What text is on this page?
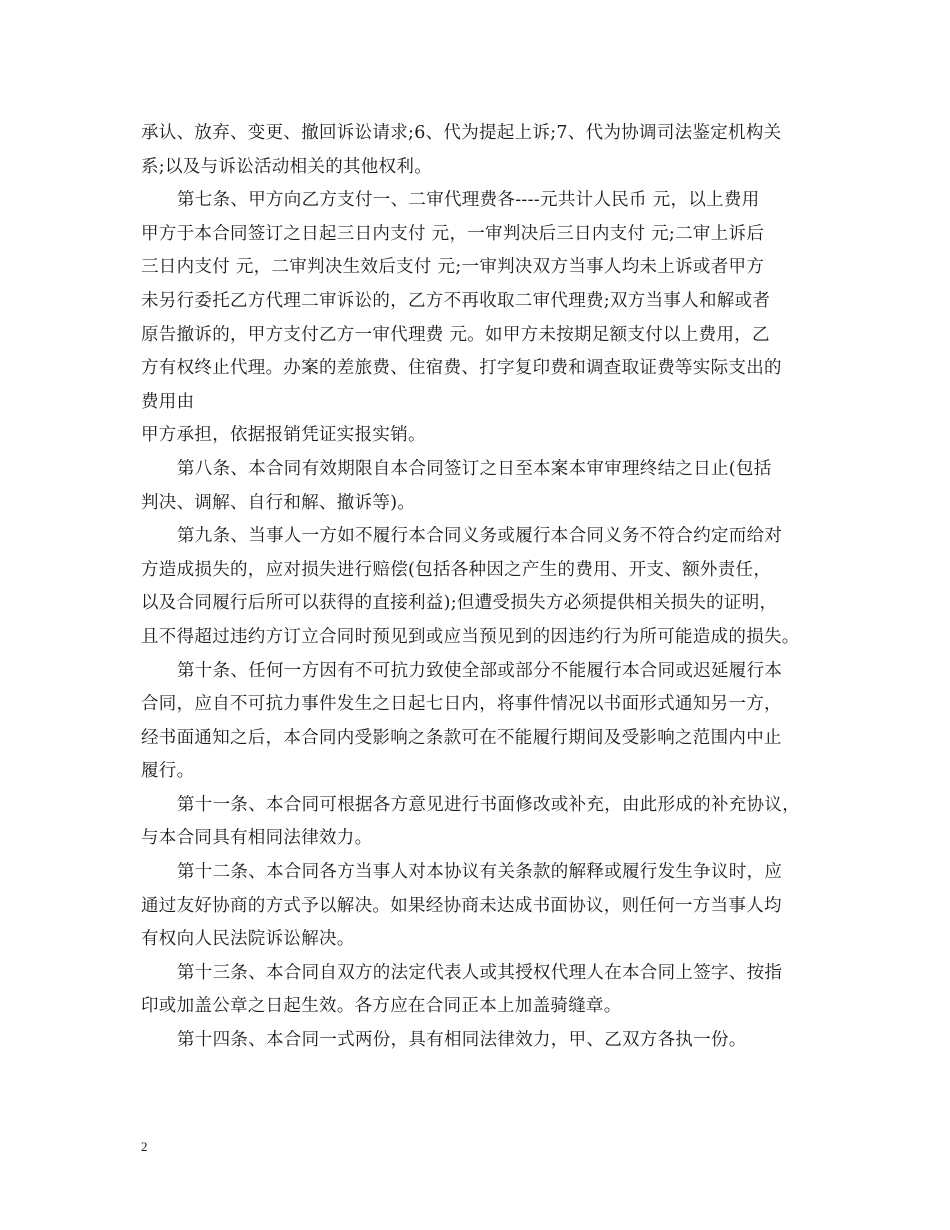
承认、放弃、变更、撤回诉讼请求;6、代为提起上诉;7、代为协调司法鉴定机构关
系;以及与诉讼活动相关的其他权利。
第七条、甲方向乙方支付一、二审代理费各----元共计人民币 元，以上费用
甲方于本合同签订之日起三日内支付 元，一审判决后三日内支付 元;二审上诉后
三日内支付 元，二审判决生效后支付 元;一审判决双方当事人均未上诉或者甲方
未另行委托乙方代理二审诉讼的，乙方不再收取二审代理费;双方当事人和解或者
原告撤诉的，甲方支付乙方一审代理费 元。如甲方未按期足额支付以上费用，乙
方有权终止代理。办案的差旅费、住宿费、打字复印费和调查取证费等实际支出的
费用由
甲方承担，依据报销凭证实报实销。
第八条、本合同有效期限自本合同签订之日至本案本审审理终结之日止(包括
判决、调解、自行和解、撤诉等)。
第九条、当事人一方如不履行本合同义务或履行本合同义务不符合约定而给对
方造成损失的，应对损失进行赔偿(包括各种因之产生的费用、开支、额外责任，
以及合同履行后所可以获得的直接利益);但遭受损失方必须提供相关损失的证明，
且不得超过违约方订立合同时预见到或应当预见到的因违约行为所可能造成的损失。
第十条、任何一方因有不可抗力致使全部或部分不能履行本合同或迟延履行本
合同，应自不可抗力事件发生之日起七日内，将事件情况以书面形式通知另一方，
经书面通知之后，本合同内受影响之条款可在不能履行期间及受影响之范围内中止
履行。
第十一条、本合同可根据各方意见进行书面修改或补充，由此形成的补充协议，
与本合同具有相同法律效力。
第十二条、本合同各方当事人对本协议有关条款的解释或履行发生争议时，应
通过友好协商的方式予以解决。如果经协商未达成书面协议，则任何一方当事人均
有权向人民法院诉讼解决。
第十三条、本合同自双方的法定代表人或其授权代理人在本合同上签字、按指
印或加盖公章之日起生效。各方应在合同正本上加盖骑缝章。
第十四条、本合同一式两份，具有相同法律效力，甲、乙双方各执一份。
2
